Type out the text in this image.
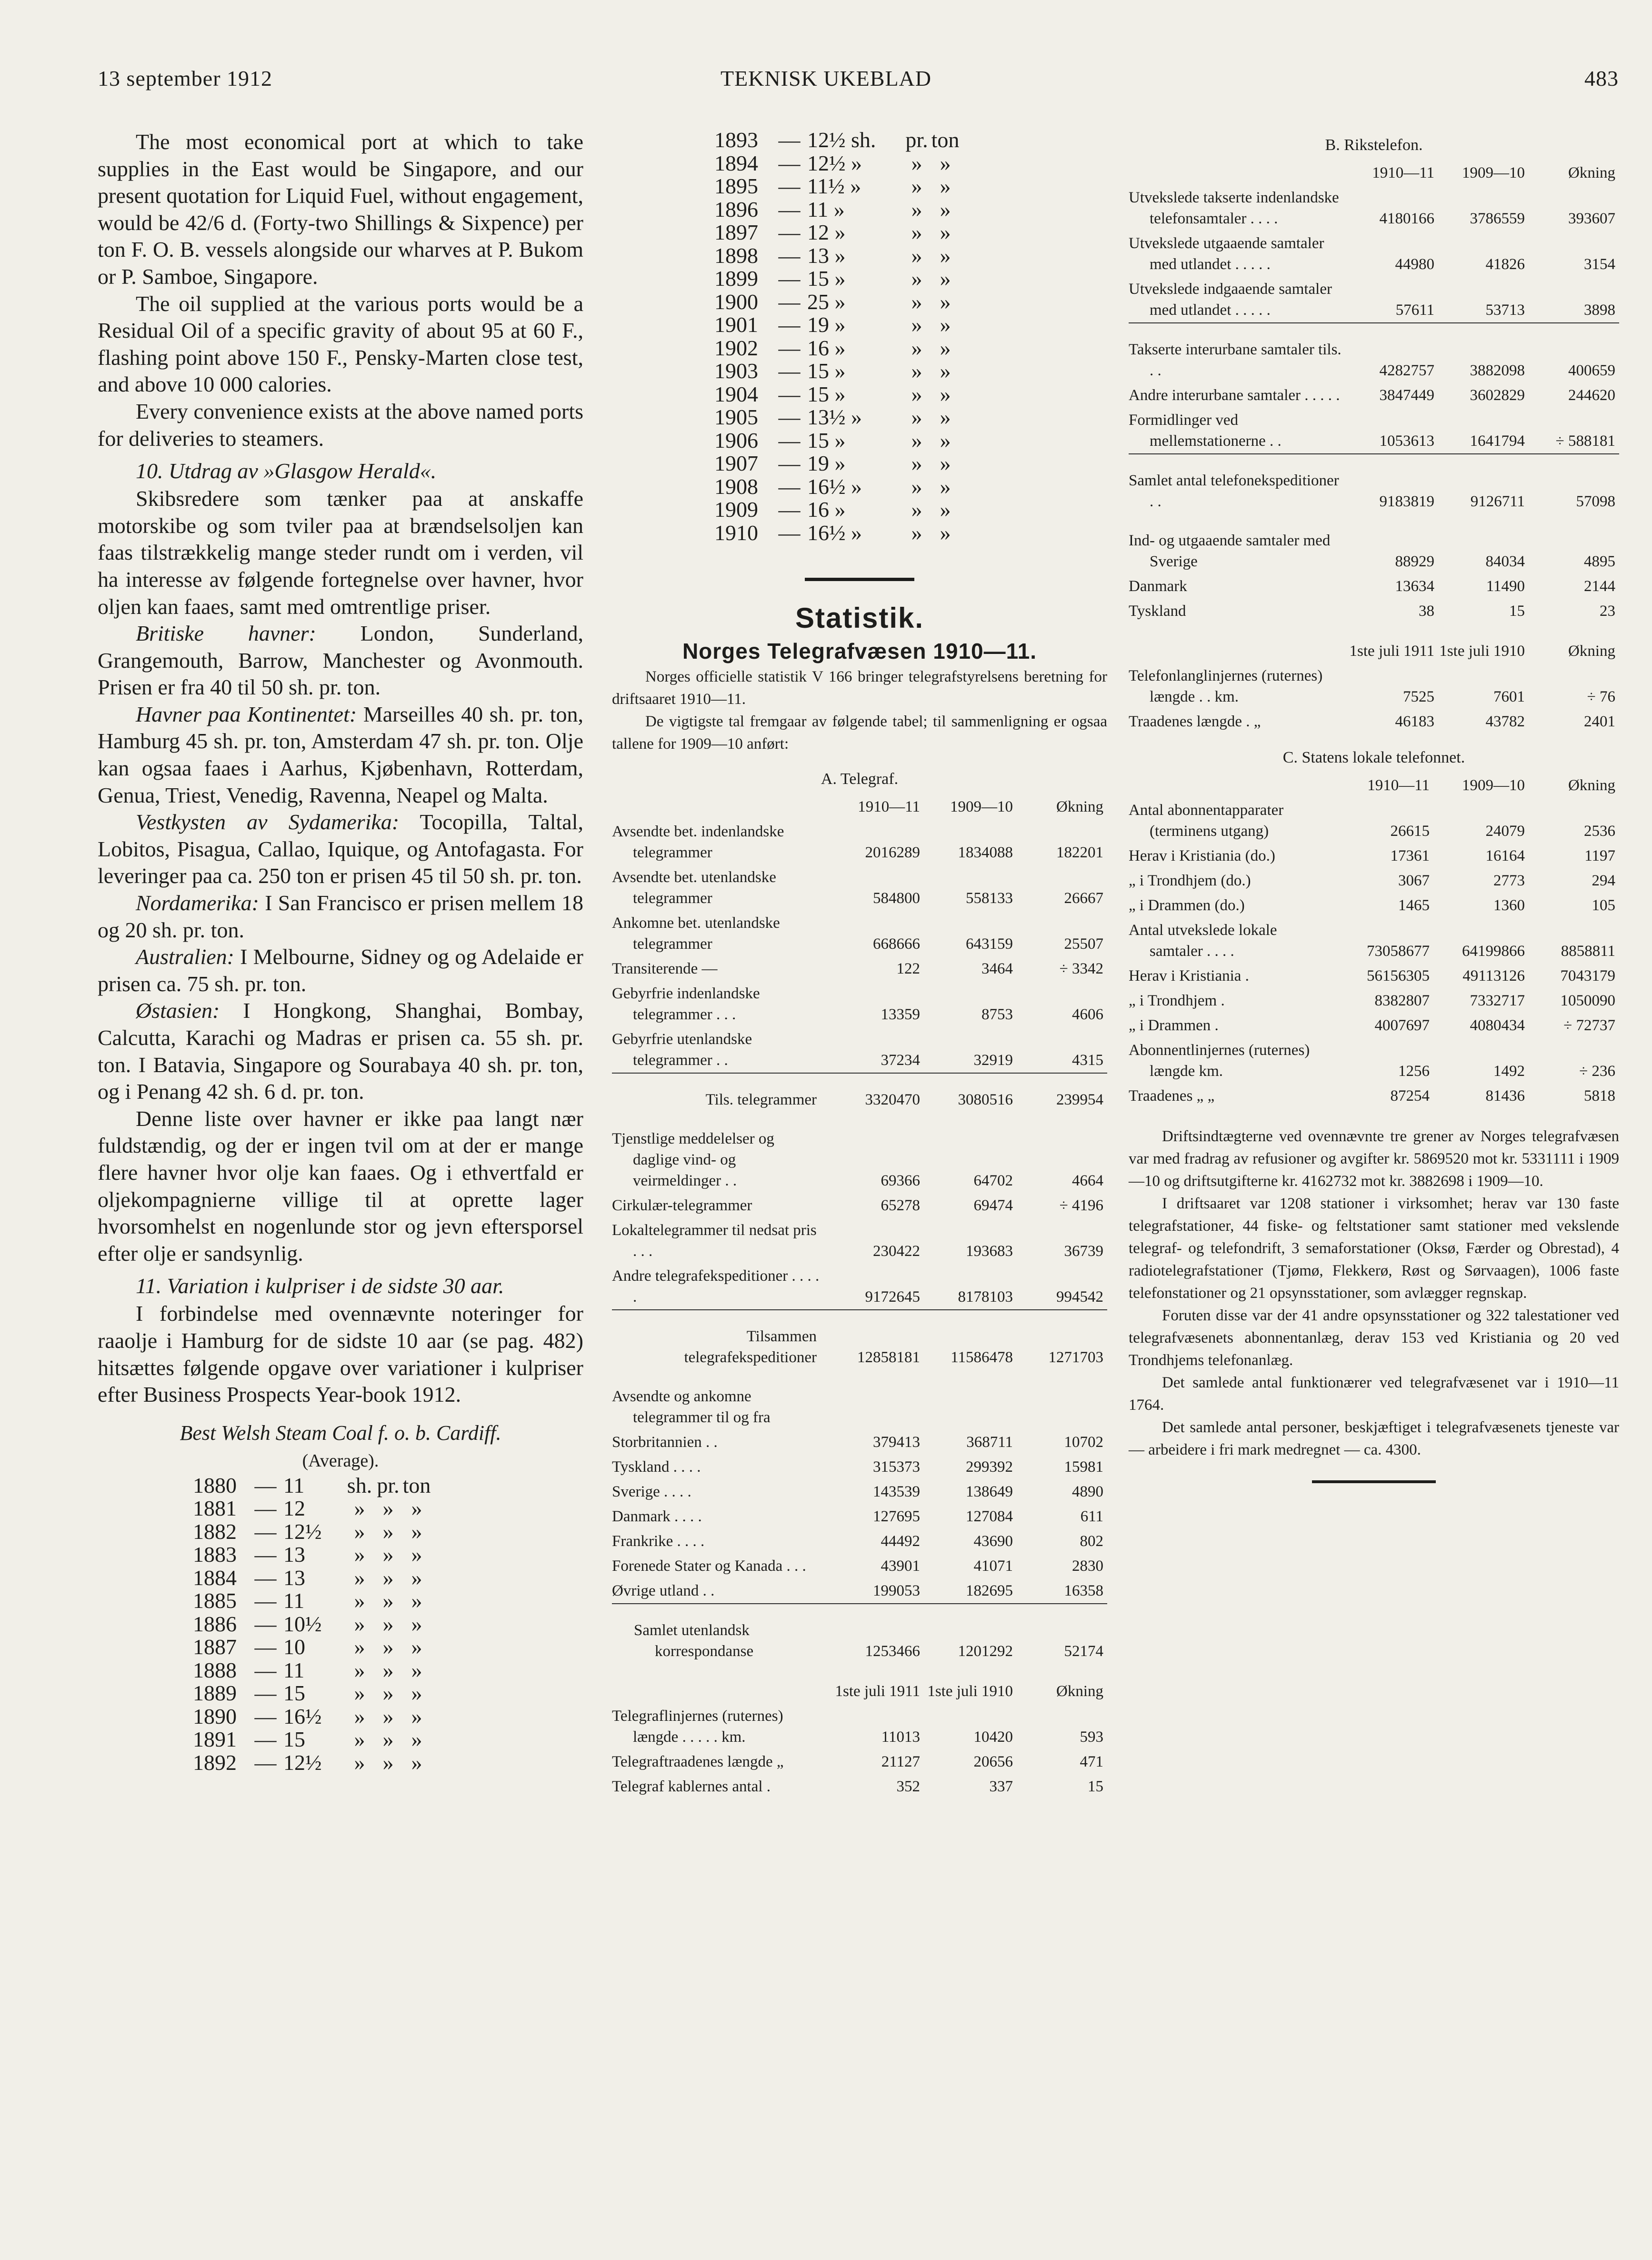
13 september 1912	TEKNISK UKEBLAD	483

The most economical port at which to take supplies in the East would be Singapore, and our present quotation for Liquid Fuel, without engagement, would be 42/6 d. (Forty-two Shillings & Sixpence) per ton F. O. B. vessels alongside our wharves at P. Bukom or P. Samboe, Singapore.

The oil supplied at the various ports would be a Residual Oil of a specific gravity of about 95 at 60 F., flashing point above 150 F., Pensky-Marten close test, and above 10 000 calories.

Every convenience exists at the above named ports for deliveries to steamers.

10. Utdrag av »Glasgow Herald«.

Skibsredere som tænker paa at anskaffe motorskibe og som tviler paa at brændselsoljen kan faas tilstrækkelig mange steder rundt om i verden, vil ha interesse av følgende fortegnelse over havner, hvor oljen kan faaes, samt med omtrentlige priser.

Britiske havner: London, Sunderland, Grangemouth, Barrow, Manchester og Avonmouth. Prisen er fra 40 til 50 sh. pr. ton.

Havner paa Kontinentet: Marseilles 40 sh. pr. ton, Hamburg 45 sh. pr. ton, Amsterdam 47 sh. pr. ton. Olje kan ogsaa faaes i Aarhus, Kjøbenhavn, Rotterdam, Genua, Triest, Venedig, Ravenna, Neapel og Malta.

Vestkysten av Sydamerika: Tocopilla, Taltal, Lobitos, Pisagua, Callao, Iquique, og Antofagasta. For leveringer paa ca. 250 ton er prisen 45 til 50 sh. pr. ton.

Nordamerika: I San Francisco er prisen mellem 18 og 20 sh. pr. ton.

Australien: I Melbourne, Sidney og og Adelaide er prisen ca. 75 sh. pr. ton.

Østasien: I Hongkong, Shanghai, Bombay, Calcutta, Karachi og Madras er prisen ca. 55 sh. pr. ton. I Batavia, Singapore og Sourabaya 40 sh. pr. ton, og i Penang 42 sh. 6 d. pr. ton.

Denne liste over havner er ikke paa langt nær fuldstændig, og der er ingen tvil om at der er mange flere havner hvor olje kan faaes. Og i ethvertfald er oljekompagnierne villige til at oprette lager hvorsomhelst en nogenlunde stor og jevn eftersporsel efter olje er sandsynlig.

11. Variation i kulpriser i de sidste 30 aar.

I forbindelse med ovennævnte noteringer for raaolje i Hamburg for de sidste 10 aar (se pag. 482) hitsættes følgende opgave over variationer i kulpriser efter Business Prospects Year-book 1912.

Best Welsh Steam Coal f. o. b. Cardiff.

(Average).

1880 — 11	sh. pr. ton
1881 — 12	» » »
1882 — 12½	» » »
1883 — 13	» » »
1884 — 13	» » »
1885 — 11	» » »
1886 — 10½	» » »
1887 — 10	» » »
1888 — 11	» » »
1889 — 15	» » »
1890 — 16½	» » »
1891 — 15	» » »
1892 — 12½	» » »
1893 — 12½ sh.	pr. ton
1894 — 12½ »	» »
1895 — 11½ »	» »
1896 — 11 »	» »
1897 — 12 »	» »
1898 — 13 »	» »
1899 — 15 »	» »
1900 — 25 »	» »
1901 — 19 »	» »
1902 — 16 »	» »
1903 — 15 »	» »
1904 — 15 »	» »
1905 — 13½ »	» »
1906 — 15 »	» »
1907 — 19 »	» »
1908 — 16½ »	» »
1909 — 16 »	» »
1910 — 16½ »	» »
Statistik.
Norges Telegrafvæsen 1910—11.

Norges officielle statistik V 166 bringer telegrafstyrelsens beretning for driftsaaret 1910—11.

De vigtigste tal fremgaar av følgende tabel; til sammenligning er ogsaa tallene for 1909—10 anført:

A. Telegraf.
	1910—11	1909—10	Økning
Avsendte bet. indenlandske telegrammer	2016289	1834088	182201
Avsendte bet. utenlandske telegrammer	584800	558133	26667
Ankomne bet. utenlandske telegrammer	668666	643159	25507
Transiterende —	122	3464	÷ 3342
Gebyrfrie indenlandske telegrammer . . .	13359	8753	4606
Gebyrfrie utenlandske telegrammer . .	37234	32919	4315

Tils. telegrammer	3320470	3080516	239954

Tjenstlige meddelelser og daglige vind- og veirmeldinger . .	69366	64702	4664
Cirkulær-telegrammer	65278	69474	÷ 4196
Lokaltelegrammer til nedsat pris . . .	230422	193683	36739
Andre telegrafekspeditioner . . . . .	9172645	8178103	994542

Tilsammen telegrafekspeditioner	12858181	11586478	1271703

Avsendte og ankomne telegrammer til og fra			
Storbritannien . .	379413	368711	10702
Tyskland . . . .	315373	299392	15981
Sverige . . . .	143539	138649	4890
Danmark . . . .	127695	127084	611
Frankrike . . . .	44492	43690	802
Forenede Stater og Kanada . . .	43901	41071	2830
Øvrige utland . .	199053	182695	16358

Samlet utenlandsk korrespondanse	1253466	1201292	52174

	1ste juli 1911	1ste juli 1910	Økning
Telegraflinjernes (ruternes) længde . . . . . km.	11013	10420	593
Telegraftraadenes længde „	21127	20656	471
Telegraf kablernes antal .	352	337	15
B. Rikstelefon.
	1910—11	1909—10	Økning
Utvekslede takserte indenlandske telefonsamtaler . . . .	4180166	3786559	393607
Utvekslede utgaaende samtaler med utlandet . . . . .	44980	41826	3154
Utvekslede indgaaende samtaler med utlandet . . . . .	57611	53713	3898

Takserte interurbane samtaler tils. . .	4282757	3882098	400659
Andre interurbane samtaler . . . . .	3847449	3602829	244620
Formidlinger ved mellemstationerne . .	1053613	1641794	÷ 588181

Samlet antal telefonekspeditioner . .	9183819	9126711	57098

Ind- og utgaaende samtaler med Sverige	88929	84034	4895
Danmark	13634	11490	2144
Tyskland	38	15	23

	1ste juli 1911	1ste juli 1910	Økning
Telefonlanglinjernes (ruternes) længde . . km.	7525	7601	÷ 76
Traadenes længde . „	46183	43782	2401
C. Statens lokale telefonnet.
	1910—11	1909—10	Økning
Antal abonnentapparater (terminens utgang)	26615	24079	2536
Herav i Kristiania (do.)	17361	16164	1197
„ i Trondhjem (do.)	3067	2773	294
„ i Drammen (do.)	1465	1360	105
Antal utvekslede lokale samtaler . . . .	73058677	64199866	8858811
Herav i Kristiania .	56156305	49113126	7043179
„ i Trondhjem .	8382807	7332717	1050090
„ i Drammen .	4007697	4080434	÷ 72737
Abonnentlinjernes (ruternes) længde km.	1256	1492	÷ 236
Traadenes „ „	87254	81436	5818

Driftsindtægterne ved ovennævnte tre grener av Norges telegrafvæsen var med fradrag av refusioner og avgifter kr. 5869520 mot kr. 5331111 i 1909—10 og driftsutgifterne kr. 4162732 mot kr. 3882698 i 1909—10.

I driftsaaret var 1208 stationer i virksomhet; herav var 130 faste telegrafstationer, 44 fiske- og feltstationer samt stationer med vekslende telegraf- og telefondrift, 3 semaforstationer (Oksø, Færder og Obrestad), 4 radiotelegrafstationer (Tjømø, Flekkerø, Røst og Sørvaagen), 1006 faste telefonstationer og 21 opsynsstationer, som avlægger regnskap.

Foruten disse var der 41 andre opsynsstationer og 322 talestationer ved telegrafvæsenets abonnentanlæg, derav 153 ved Kristiania og 20 ved Trondhjems telefonanlæg.

Det samlede antal funktionærer ved telegrafvæsenet var i 1910—11 1764.

Det samlede antal personer, beskjæftiget i telegrafvæsenets tjeneste var — arbeidere i fri mark medregnet — ca. 4300.
